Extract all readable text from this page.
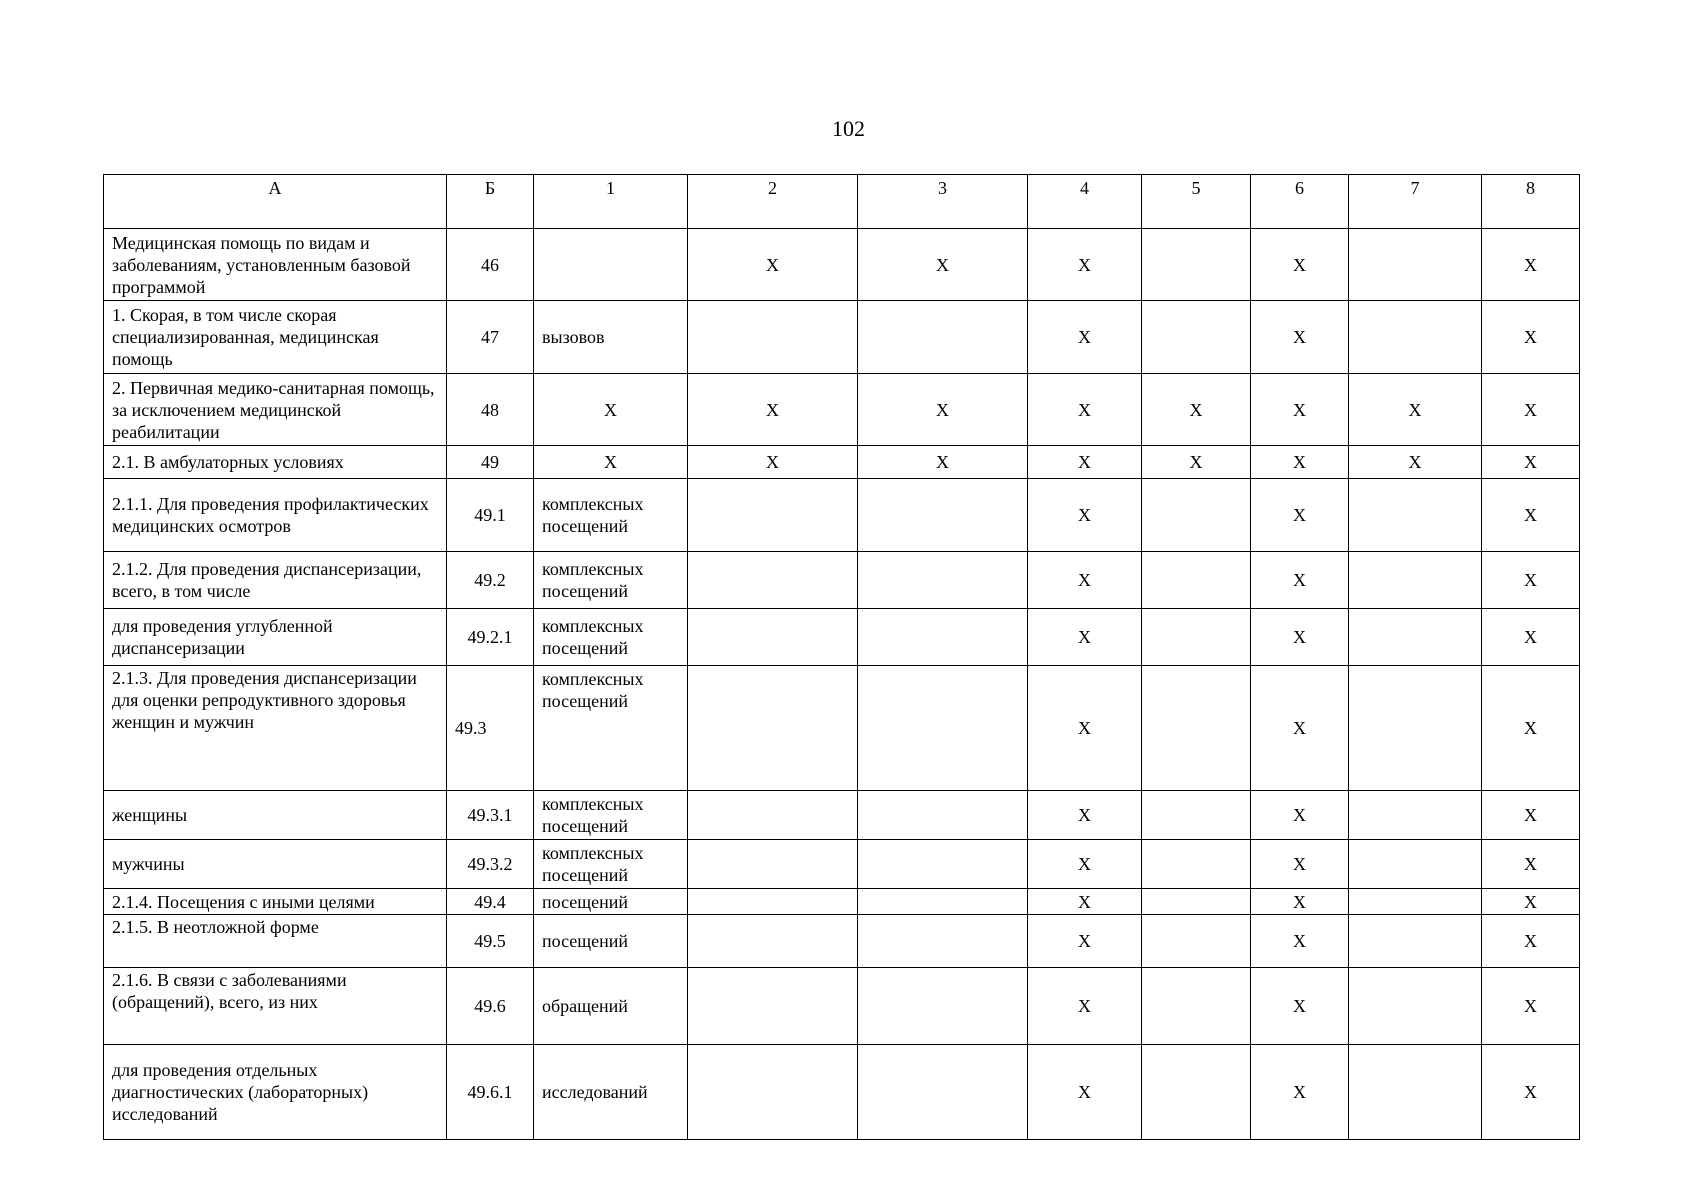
102
А	Б	1	2	3	4	5	6	7	8
Медицинская помощь по видам и заболеваниям, установленным базовой программой	46		X	X	X		X		X
1. Скорая, в том числе скорая специализированная, медицинская помощь	47	вызовов			X		X		X
2. Первичная медико-санитарная помощь, за исключением медицинской реабилитации	48	X	X	X	X	X	X	X	X
2.1. В амбулаторных условиях	49	X	X	X	X	X	X	X	X
2.1.1. Для проведения профилактических медицинских осмотров	49.1	комплексных посещений			X		X		X
2.1.2. Для проведения диспансеризации, всего, в том числе	49.2	комплексных посещений			X		X		X
для проведения углубленной диспансеризации	49.2.1	комплексных посещений			X		X		X
2.1.3. Для проведения диспансеризации для оценки репродуктивного здоровья женщин и мужчин	49.3	комплексных посещений			X		X		X
женщины	49.3.1	комплексных посещений			X		X		X
мужчины	49.3.2	комплексных посещений			X		X		X
2.1.4. Посещения с иными целями	49.4	посещений			X		X		X
2.1.5. В неотложной форме	49.5	посещений			X		X		X
2.1.6. В связи с заболеваниями (обращений), всего, из них	49.6	обращений			X		X		X
для проведения отдельных диагностических (лабораторных) исследований	49.6.1	исследований			X		X		X
